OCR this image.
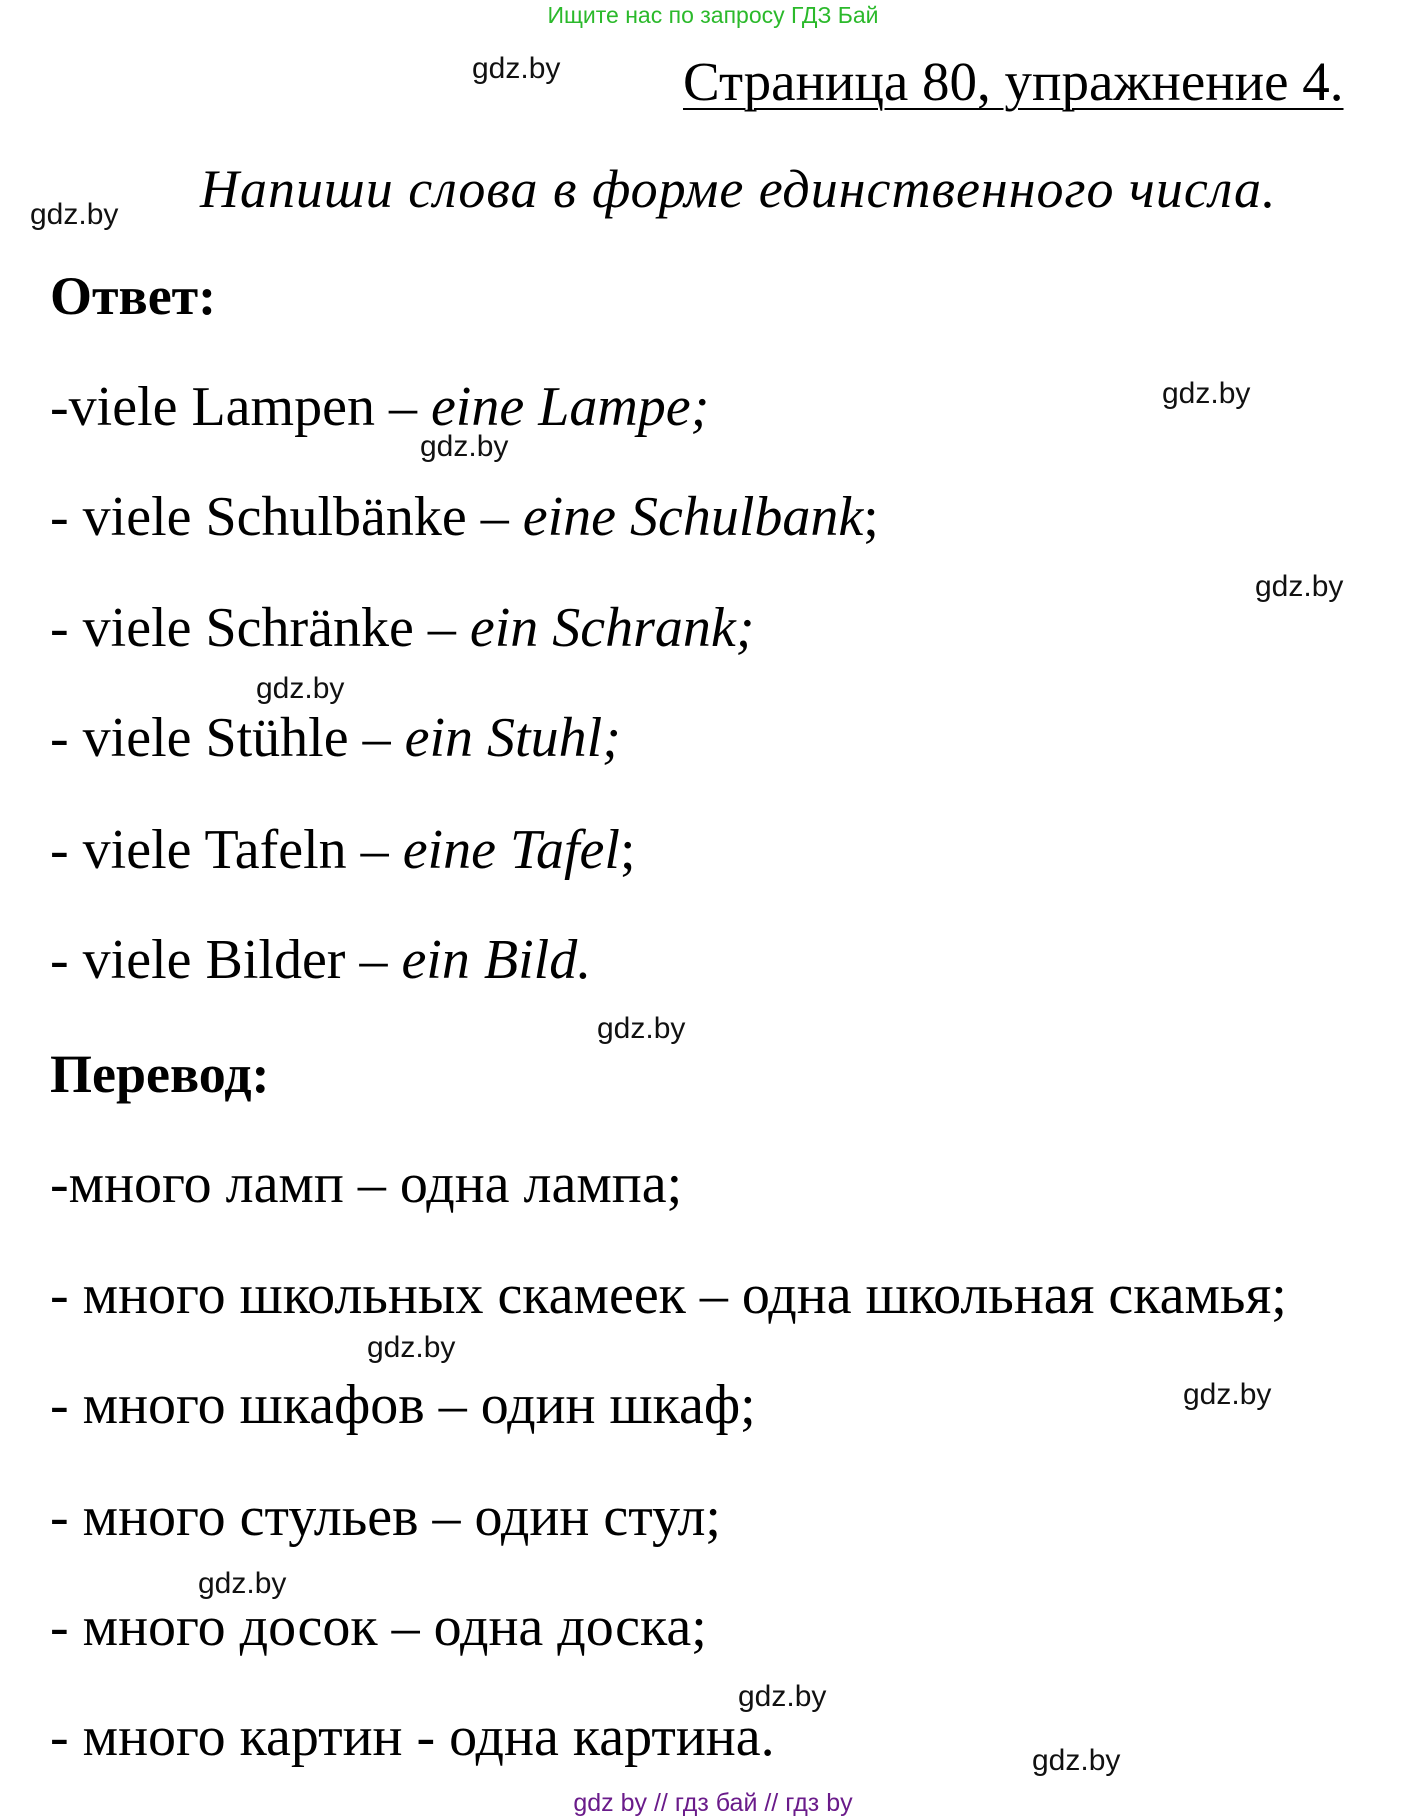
Ищите нас по запросу ГДЗ Бай
gdz.by
gdz.by
gdz.by
gdz.by
gdz.by
gdz.by
gdz.by
gdz.by
gdz.by
gdz.by
gdz.by
gdz.by
Страница 80, упражнение 4.
Напиши слова в форме единственного числа.
Ответ:
-viele Lampen – eine Lampe;
- viele Schulbänke – eine Schulbank;
- viele Schränke – ein Schrank;
- viele Stühle – ein Stuhl;
- viele Tafeln – eine Tafel;
- viele Bilder – ein Bild.
Перевод:
-много ламп – одна лампа;
- много школьных скамеек – одна школьная скамья;
- много шкафов – один шкаф;
- много стульев – один стул;
- много досок – одна доска;
- много картин - одна картина.
gdz by // гдз бай // гдз by
